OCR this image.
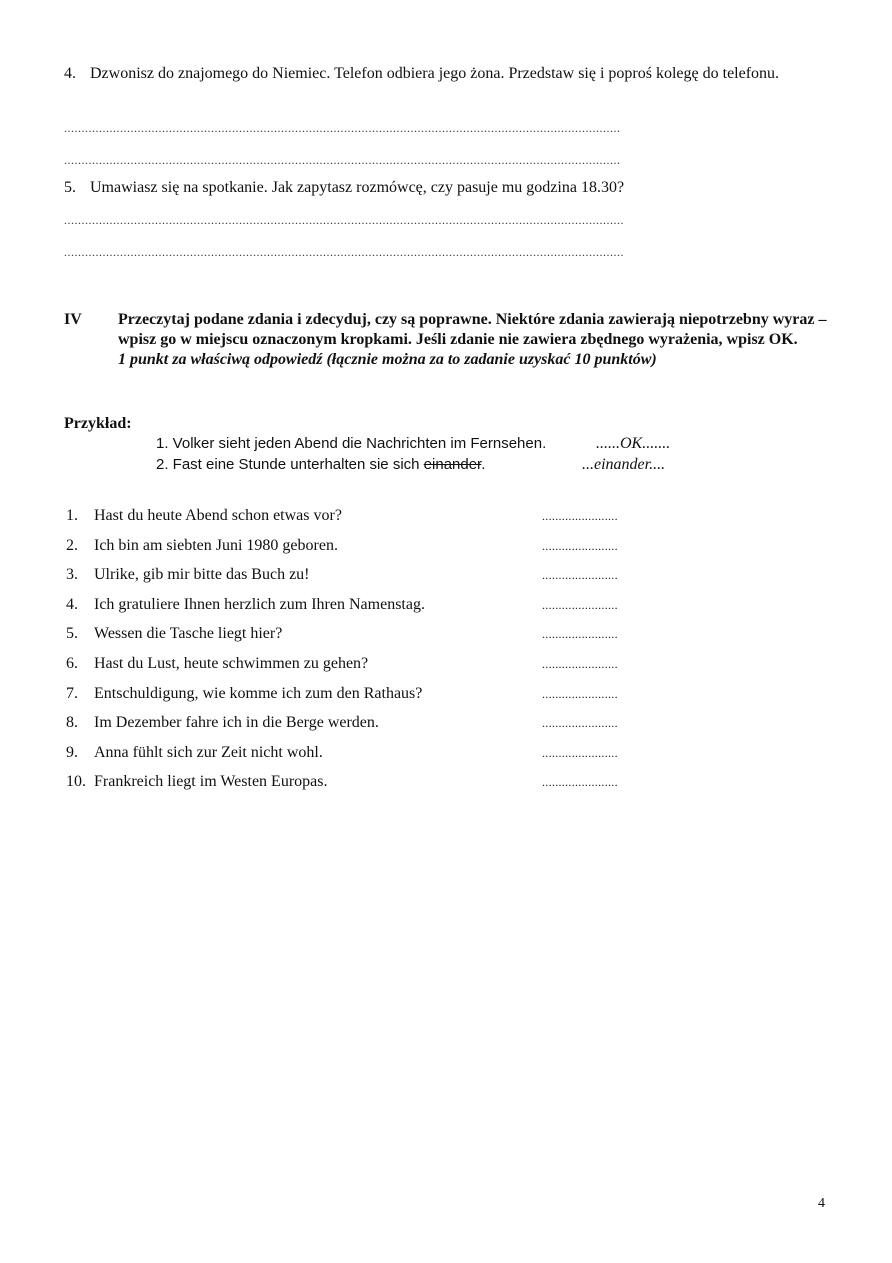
4. Dzwonisz do znajomego do Niemiec. Telefon odbiera jego żona. Przedstaw się i poproś kolegę do telefonu.
...............................................................................................................................................................
...............................................................................................................................................................
5. Umawiasz się na spotkanie. Jak zapytasz rozmówcę, czy pasuje mu godzina 18.30?
................................................................................................................................................................
................................................................................................................................................................
IV	Przeczytaj podane zdania i zdecyduj, czy są poprawne. Niektóre zdania zawierają niepotrzebny wyraz – wpisz go w miejscu oznaczonym kropkami. Jeśli zdanie nie zawiera zbędnego wyrażenia, wpisz OK.
1 punkt za właściwą odpowiedź (łącznie można za to zadanie uzyskać 10 punktów)
Przykład:
1. Volker sieht jeden Abend die Nachrichten im Fernsehen.	......OK.......
2. Fast eine Stunde unterhalten sie sich einander.	...einander....
1.	Hast du heute Abend schon etwas vor?	.......................
2.	Ich bin am siebten Juni 1980 geboren.	.......................
3.	Ulrike, gib mir bitte das Buch zu!	.......................
4.	Ich gratuliere Ihnen herzlich zum Ihren Namenstag.	.......................
5.	Wessen die Tasche liegt hier?	.......................
6.	Hast du Lust, heute schwimmen zu gehen?	.......................
7.	Entschuldigung, wie komme ich zum den Rathaus?	.......................
8.	Im Dezember fahre ich in die Berge werden.	.......................
9.	Anna fühlt sich zur Zeit nicht wohl.	.......................
10. Frankreich liegt im Westen Europas.	.......................
4
